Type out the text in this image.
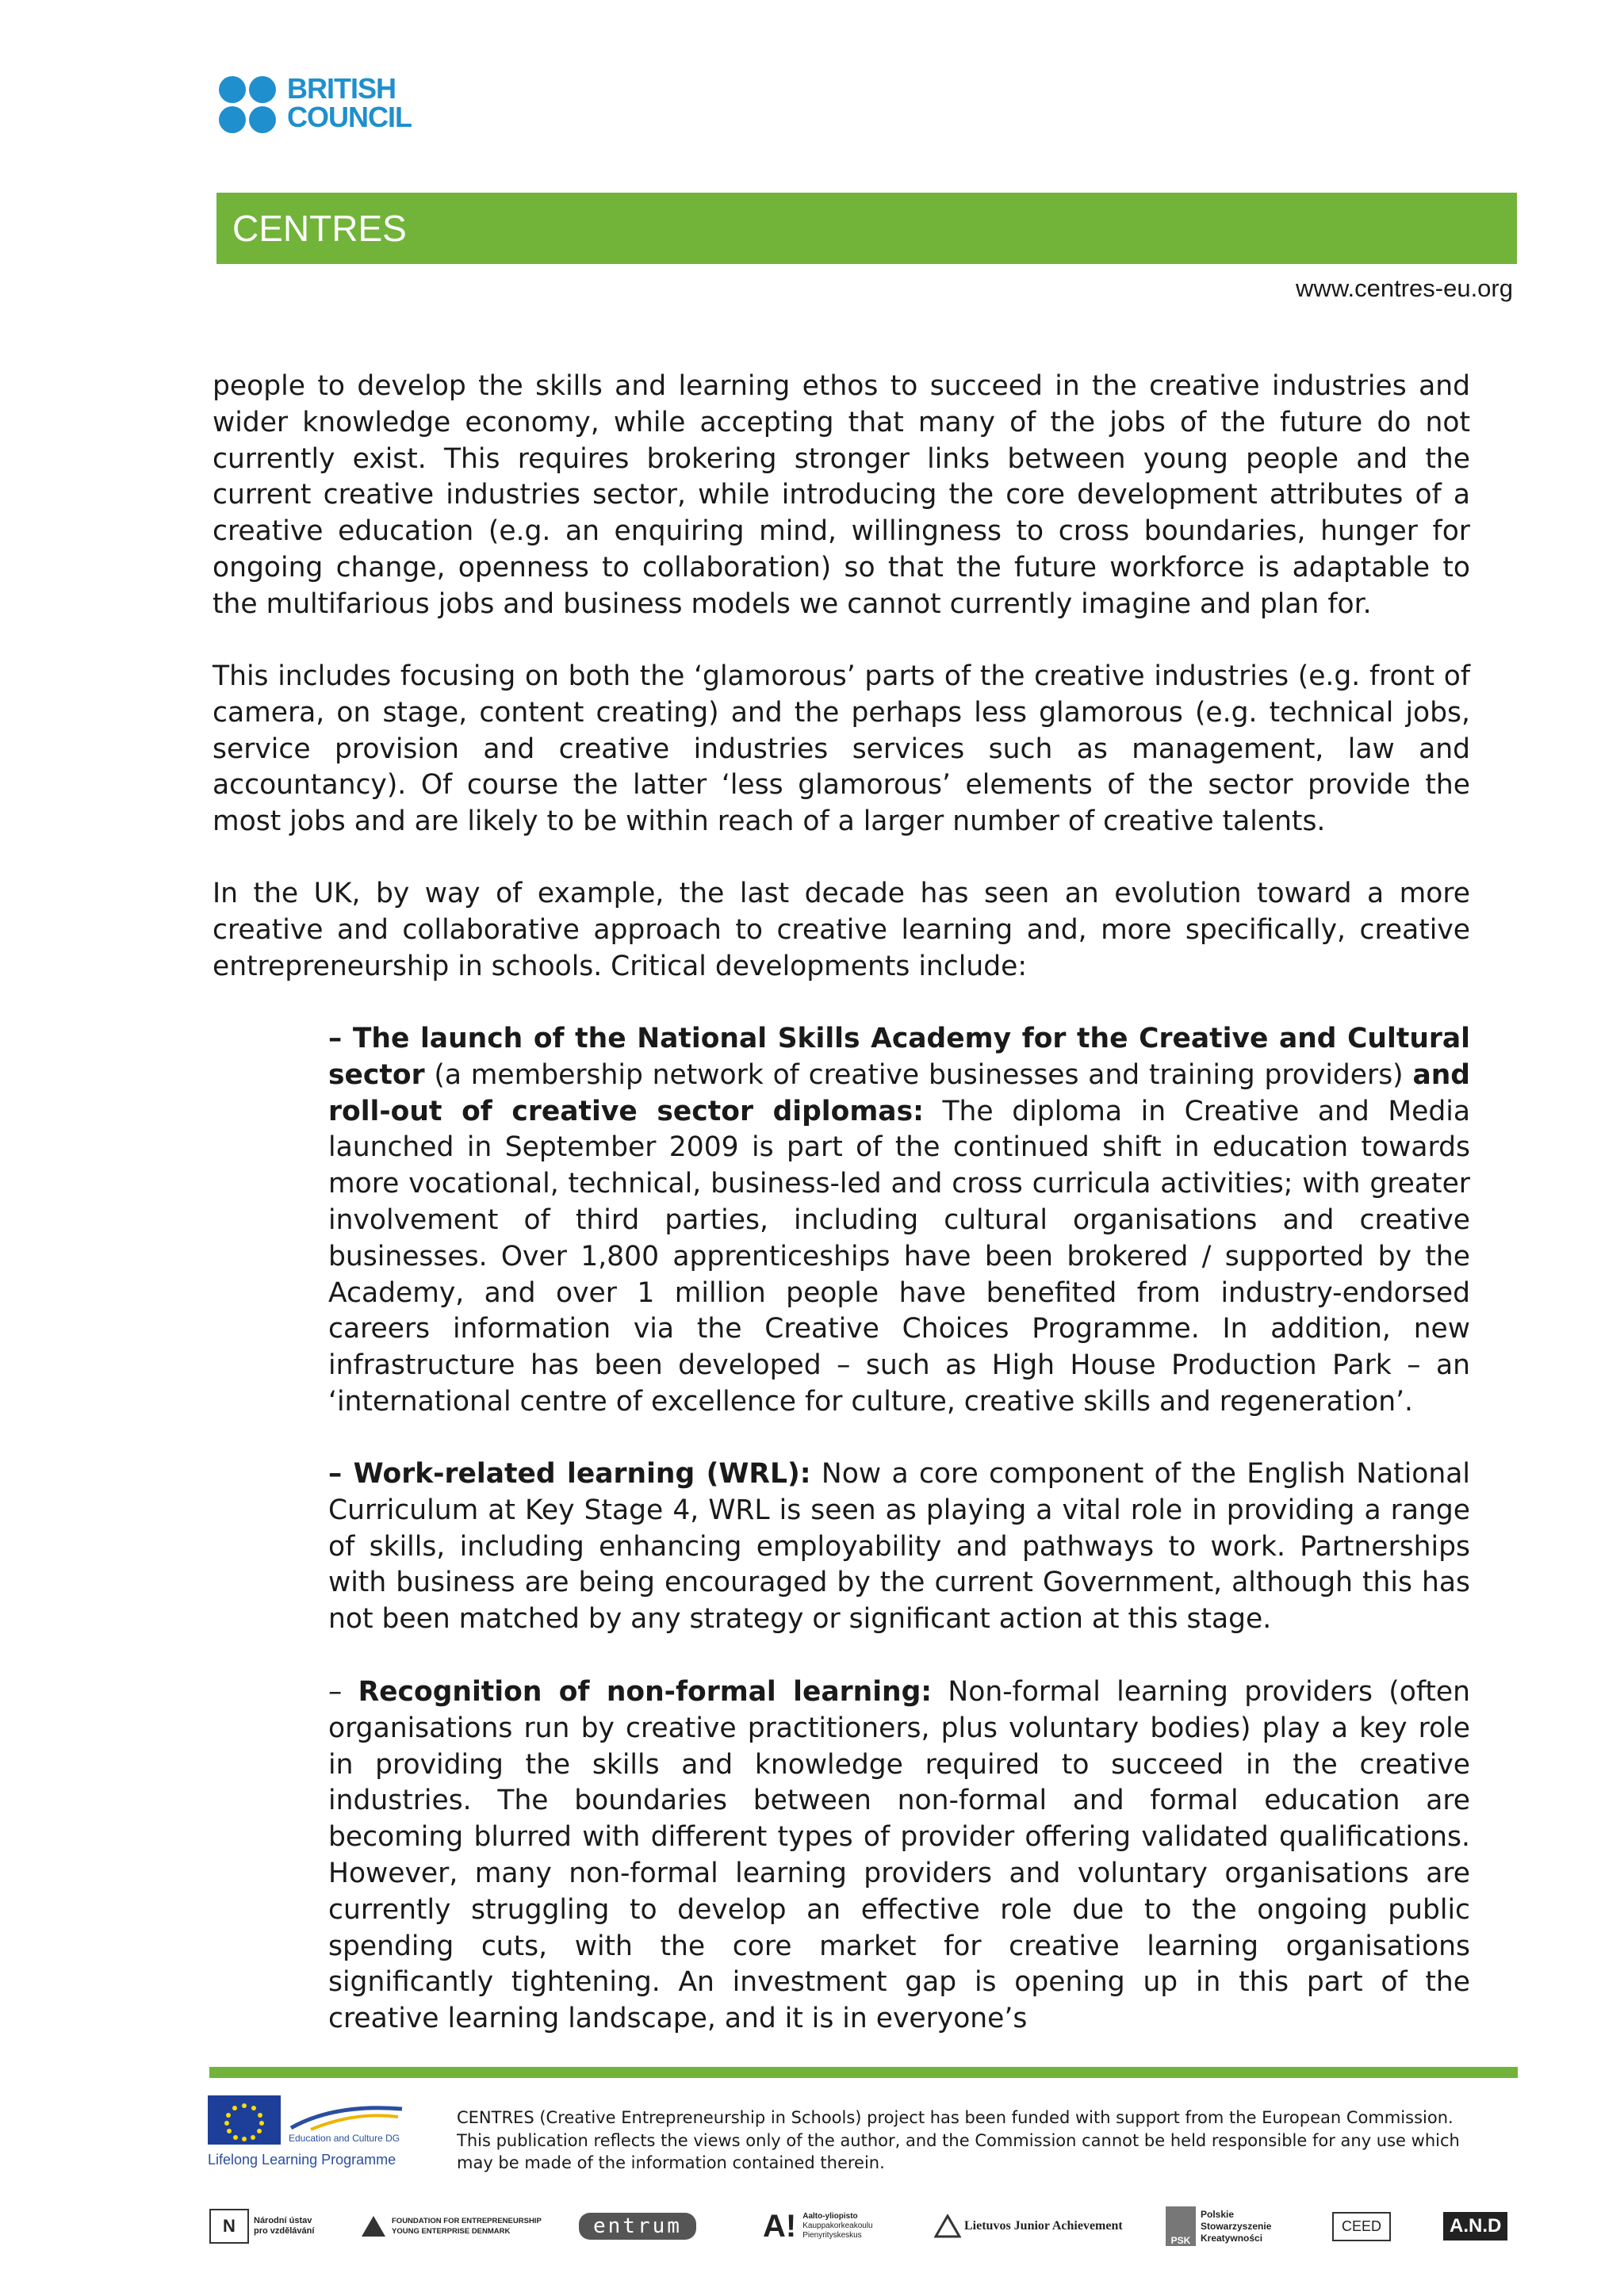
BRITISH
COUNCIL
CENTRES
www.centres-eu.org

people to develop the skills and learning ethos to succeed in the creative industries and wider knowledge economy, while accepting that many of the jobs of the future do not currently exist. This requires brokering stronger links between young people and the current creative industries sector, while introducing the core development attributes of a creative education (e.g. an enquiring mind, willingness to cross boundaries, hunger for ongoing change, openness to collaboration) so that the future workforce is adaptable to the multifarious jobs and business models we cannot currently imagine and plan for.

This includes focusing on both the ‘glamorous’ parts of the creative industries (e.g. front of camera, on stage, content creating) and the perhaps less glamorous (e.g. technical jobs, service provision and creative industries services such as management, law and accountancy). Of course the latter ‘less glamorous’ elements of the sector provide the most jobs and are likely to be within reach of a larger number of creative talents.

In the UK, by way of example, the last decade has seen an evolution toward a more creative and collaborative approach to creative learning and, more specifically, creative entrepreneurship in schools. Critical developments include:

– The launch of the National Skills Academy for the Creative and Cultural sector (a membership network of creative businesses and training providers) and roll-out of creative sector diplomas: The diploma in Creative and Media launched in September 2009 is part of the continued shift in education towards more vocational, technical, business-led and cross curricula activities; with greater involvement of third parties, including cultural organisations and creative businesses. Over 1,800 apprenticeships have been brokered / supported by the Academy, and over 1 million people have benefited from industry-endorsed careers information via the Creative Choices Programme. In addition, new infrastructure has been developed – such as High House Production Park – an ‘international centre of excellence for culture, creative skills and regeneration’.

– Work-related learning (WRL): Now a core component of the English National Curriculum at Key Stage 4, WRL is seen as playing a vital role in providing a range of skills, including enhancing employability and pathways to work. Partnerships with business are being encouraged by the current Government, although this has not been matched by any strategy or significant action at this stage.

– Recognition of non-formal learning: Non-formal learning providers (often organisations run by creative practitioners, plus voluntary bodies) play a key role in providing the skills and knowledge required to succeed in the creative industries. The boundaries between non-formal and formal education are becoming blurred with different types of provider offering validated qualifications. However, many non-formal learning providers and voluntary organisations are currently struggling to develop an effective role due to the ongoing public spending cuts, with the core market for creative learning organisations significantly tightening. An investment gap is opening up in this part of the creative learning landscape, and it is in everyone’s

Education and Culture DG
Lifelong Learning Programme
CENTRES (Creative Entrepreneurship in Schools) project has been funded with support from the European Commission. This publication reflects the views only of the author, and the Commission cannot be held responsible for any use which may be made of the information contained therein.
N	Národní ústav
pro vzdělávání
FOUNDATION FOR ENTREPRENEURSHIP
YOUNG ENTERPRISE DENMARK	entrum	A! Aalto-yliopisto
Kauppakorkeakoulu
Pienyrityskeskus
Lietuvos Junior Achievement
PSK
Polskie
Stowarzyszenie
Kreatywności
CEED	A.N.D
